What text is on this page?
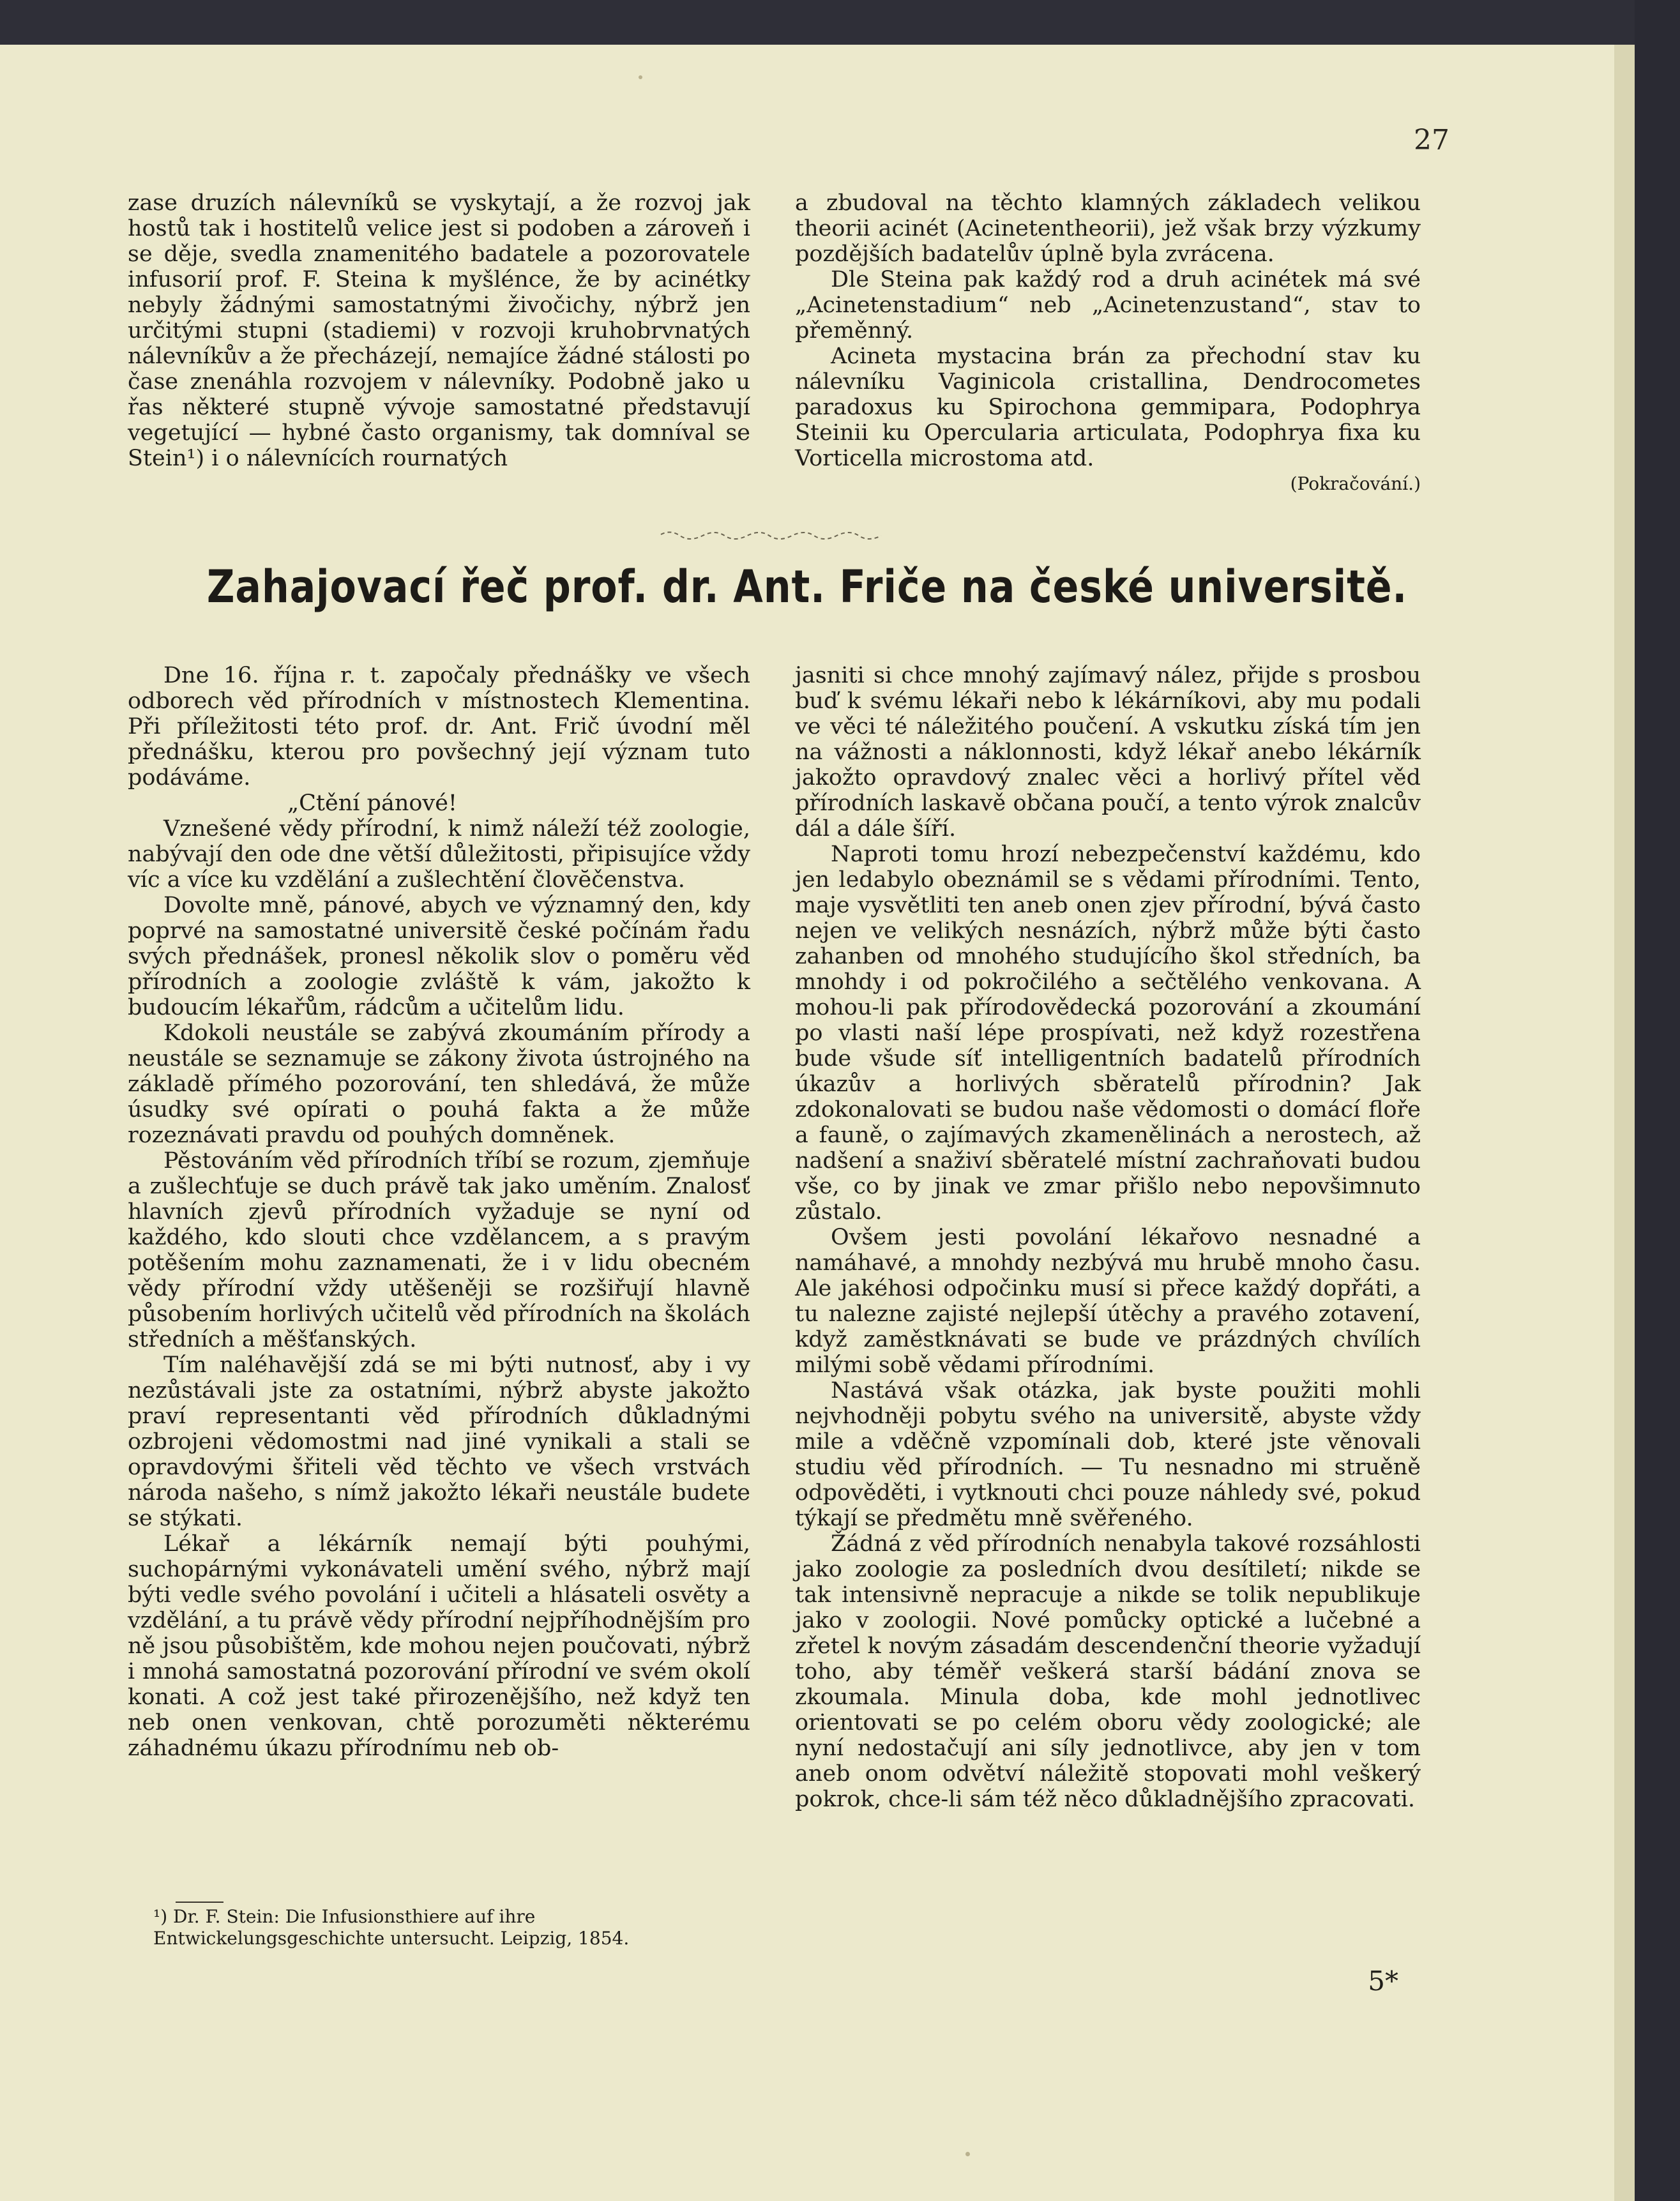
27

zase druzích nálevníků se vyskytají, a že rozvoj jak hostů tak i hostitelů velice jest si podoben a zároveň i se děje, svedla znamenitého badatele a pozorovatele infusorií prof. F. Steina k myšlénce, že by acinétky nebyly žádnými samostatnými živočichy, nýbrž jen určitými stupni (stadiemi) v rozvoji kruhobrvnatých nálevníkův a že přecházejí, nemajíce žádné stálosti po čase znenáhla rozvojem v nálevníky. Podobně jako u řas některé stupně vývoje samostatné představují vegetující — hybné často organismy, tak domníval se Stein¹) i o nálevnících rournatých

a zbudoval na těchto klamných základech velikou theorii acinét (Acinetentheorii), jež však brzy výzkumy pozdějších badatelův úplně byla zvrácena.

Dle Steina pak každý rod a druh acinétek má své „Acinetenstadium“ neb „Acinetenzustand“, stav to přeměnný.

Acineta mystacina brán za přechodní stav ku nálevníku Vaginicola cristallina, Dendrocometes paradoxus ku Spirochona gemmipara, Podophrya Steinii ku Opercularia articulata, Podophrya fixa ku Vorticella microstoma atd.

(Pokračování.)

Zahajovací řeč prof. dr. Ant. Friče na české universitě.

Dne 16. října r. t. započaly přednášky ve všech odborech věd přírodních v místnostech Klementina. Při příležitosti této prof. dr. Ant. Frič úvodní měl přednášku, kterou pro povšechný její význam tuto podáváme.

„Ctění pánové!

Vznešené vědy přírodní, k nimž náleží též zoologie, nabývají den ode dne větší důležitosti, připisujíce vždy víc a více ku vzdělání a zušlechtění človĕčenstva.

Dovolte mně, pánové, abych ve významný den, kdy poprvé na samostatné universitě české počínám řadu svých přednášek, pronesl několik slov o poměru věd přírodních a zoologie zvláště k vám, jakožto k budoucím lékařům, rádcům a učitelům lidu.

Kdokoli neustále se zabývá zkoumáním přírody a neustále se seznamuje se zákony života ústrojného na základě přímého pozorování, ten shledává, že může úsudky své opírati o pouhá fakta a že může rozeznávati pravdu od pouhých domněnek.

Pěstováním věd přírodních tříbí se rozum, zjemňuje a zušlechťuje se duch právě tak jako uměním. Znalosť hlavních zjevů přírodních vyžaduje se nyní od každého, kdo slouti chce vzdělancem, a s pravým potěšením mohu zaznamenati, že i v lidu obecném vědy přírodní vždy utěšeněji se rozšiřují hlavně působením horlivých učitelů věd přírodních na školách středních a měšťanských.

Tím naléhavější zdá se mi býti nutnosť, aby i vy nezůstávali jste za ostatními, nýbrž abyste jakožto praví representanti věd přírodních důkladnými ozbrojeni vědomostmi nad jiné vynikali a stali se opravdovými šřiteli věd těchto ve všech vrstvách národa našeho, s nímž jakožto lékaři neustále budete se stýkati.

Lékař a lékárník nemají býti pouhými, suchopárnými vykonávateli umění svého, nýbrž mají býti vedle svého povolání i učiteli a hlásateli osvěty a vzdělání, a tu právě vědy přírodní nejpříhodnějším pro ně jsou působištěm, kde mohou nejen poučovati, nýbrž i mnohá samostatná pozorování přírodní ve svém okolí konati. A což jest také přirozenějšího, než když ten neb onen venkovan, chtě porozuměti některému záhadnému úkazu přírodnímu neb ob-

¹) Dr. F. Stein: Die Infusionsthiere auf ihre Entwickelungsgeschichte untersucht. Leipzig, 1854.

jasniti si chce mnohý zajímavý nález, přijde s prosbou buď k svému lékaři nebo k lékárníkovi, aby mu podali ve věci té náležitého poučení. A vskutku získá tím jen na vážnosti a náklonnosti, když lékař anebo lékárník jakožto opravdový znalec věci a horlivý přítel věd přírodních laskavě občana poučí, a tento výrok znalcův dál a dále šíří.

Naproti tomu hrozí nebezpečenství každému, kdo jen ledabylo obeznámil se s vědami přírodními. Tento, maje vysvětliti ten aneb onen zjev přírodní, bývá často nejen ve velikých nesnázích, nýbrž může býti často zahanben od mnohého studujícího škol středních, ba mnohdy i od pokročilého a sečtělého venkovana. A mohou-li pak přírodovědecká pozorování a zkoumání po vlasti naší lépe prospívati, než když rozestřena bude všude síť intelligentních badatelů přírodních úkazův a horlivých sběratelů přírodnin? Jak zdokonalovati se budou naše vědomosti o domácí floře a fauně, o zajímavých zkamenělinách a nerostech, až nadšení a snaživí sběratelé místní zachraňovati budou vše, co by jinak ve zmar přišlo nebo nepovšimnuto zůstalo.

Ovšem jesti povolání lékařovo nesnadné a namáhavé, a mnohdy nezbývá mu hrubě mnoho času. Ale jakéhosi odpočinku musí si přece každý dopřáti, a tu nalezne zajisté nejlepší útěchy a pravého zotavení, když zaměstknávati se bude ve prázdných chvílích milými sobě vědami přírodními.

Nastává však otázka, jak byste použiti mohli nejvhodněji pobytu svého na universitě, abyste vždy mile a vděčně vzpomínali dob, které jste věnovali studiu věd přírodních. — Tu nesnadno mi struěně odpověděti, i vytknouti chci pouze náhledy své, pokud týkají se předmětu mně svěřeného.

Žádná z věd přírodních nenabyla takové rozsáhlosti jako zoologie za posledních dvou desítiletí; nikde se tak intensivně nepracuje a nikde se tolik nepublikuje jako v zoologii. Nové pomůcky optické a lučebné a zřetel k novým zásadám descendenční theorie vyžadují toho, aby téměř veškerá starší bádání znova se zkoumala. Minula doba, kde mohl jednotlivec orientovati se po celém oboru vědy zoologické; ale nyní nedostačují ani síly jednotlivce, aby jen v tom aneb onom odvětví náležitě stopovati mohl veškerý pokrok, chce-li sám též něco důkladnějšího zpracovati.

5*
